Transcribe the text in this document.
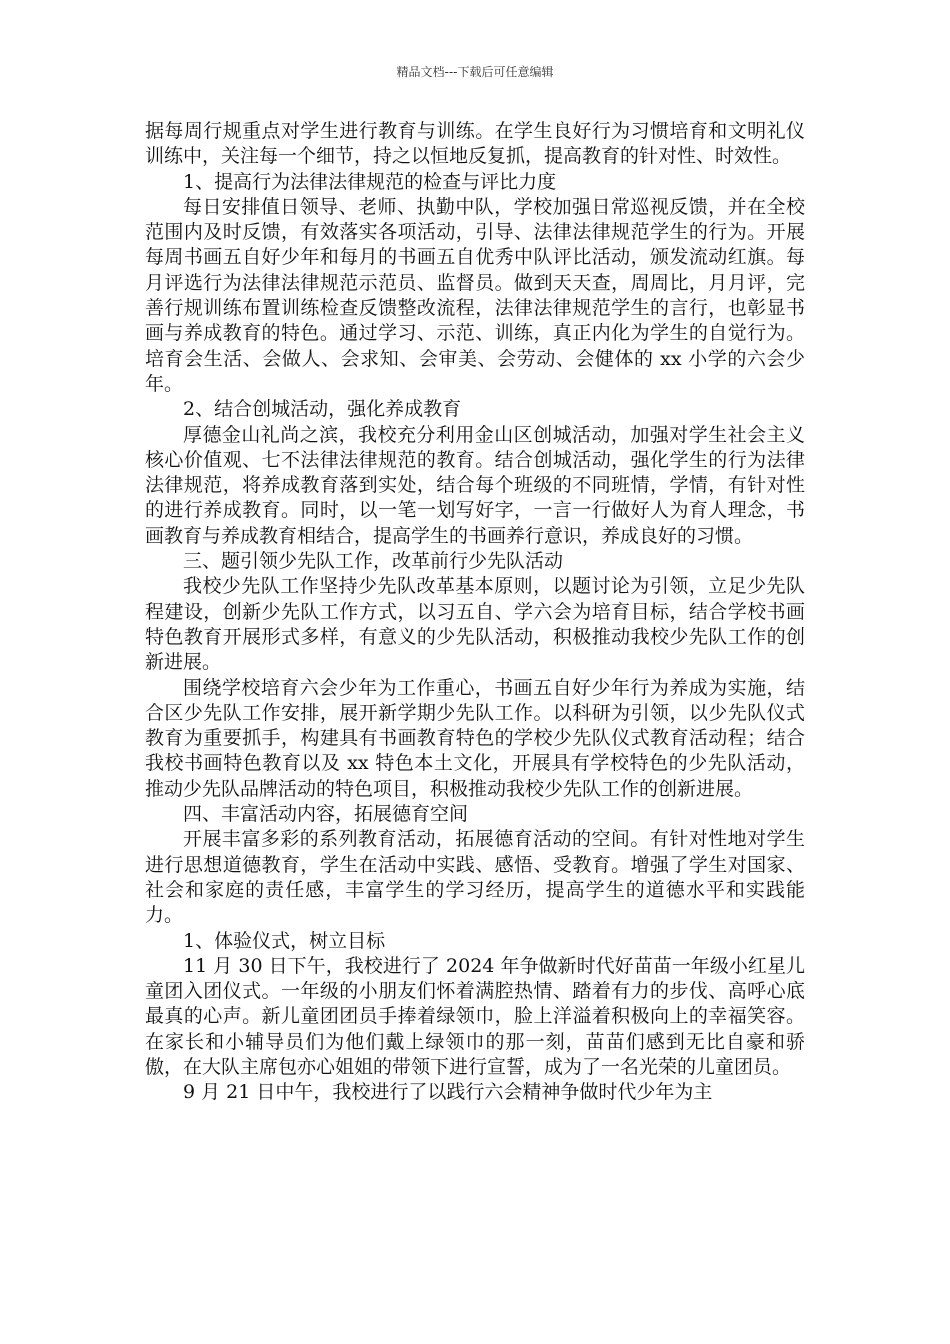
精品文档---下载后可任意编辑

据每周行规重点对学生进行教育与训练。在学生良好行为习惯培育和文明礼仪训练中，关注每一个细节，持之以恒地反复抓，提高教育的针对性、时效性。

1、提高行为法律法律规范的检查与评比力度

每日安排值日领导、老师、执勤中队，学校加强日常巡视反馈，并在全校范围内及时反馈，有效落实各项活动，引导、法律法律规范学生的行为。开展每周书画五自好少年和每月的书画五自优秀中队评比活动，颁发流动红旗。每月评选行为法律法律规范示范员、监督员。做到天天查，周周比，月月评，完善行规训练布置训练检查反馈整改流程，法律法律规范学生的言行，也彰显书画与养成教育的特色。通过学习、示范、训练，真正内化为学生的自觉行为。培育会生活、会做人、会求知、会审美、会劳动、会健体的 xx 小学的六会少年。

2、结合创城活动，强化养成教育

厚德金山礼尚之滨，我校充分利用金山区创城活动，加强对学生社会主义核心价值观、七不法律法律规范的教育。结合创城活动，强化学生的行为法律法律规范，将养成教育落到实处，结合每个班级的不同班情，学情，有针对性的进行养成教育。同时，以一笔一划写好字，一言一行做好人为育人理念，书画教育与养成教育相结合，提高学生的书画养行意识，养成良好的习惯。

三、题引领少先队工作，改革前行少先队活动

我校少先队工作坚持少先队改革基本原则，以题讨论为引领，立足少先队程建设，创新少先队工作方式，以习五自、学六会为培育目标，结合学校书画特色教育开展形式多样，有意义的少先队活动，积极推动我校少先队工作的创新进展。

围绕学校培育六会少年为工作重心，书画五自好少年行为养成为实施，结合区少先队工作安排，展开新学期少先队工作。以科研为引领，以少先队仪式教育为重要抓手，构建具有书画教育特色的学校少先队仪式教育活动程；结合我校书画特色教育以及 xx 特色本土文化，开展具有学校特色的少先队活动，推动少先队品牌活动的特色项目，积极推动我校少先队工作的创新进展。

四、丰富活动内容，拓展德育空间

开展丰富多彩的系列教育活动，拓展德育活动的空间。有针对性地对学生进行思想道德教育，学生在活动中实践、感悟、受教育。增强了学生对国家、社会和家庭的责任感，丰富学生的学习经历，提高学生的道德水平和实践能力。

1、体验仪式，树立目标

11 月 30 日下午，我校进行了 2024 年争做新时代好苗苗一年级小红星儿童团入团仪式。一年级的小朋友们怀着满腔热情、踏着有力的步伐、高呼心底最真的心声。新儿童团团员手捧着绿领巾，脸上洋溢着积极向上的幸福笑容。在家长和小辅导员们为他们戴上绿领巾的那一刻，苗苗们感到无比自豪和骄傲，在大队主席包亦心姐姐的带领下进行宣誓，成为了一名光荣的儿童团员。

9 月 21 日中午，我校进行了以践行六会精神争做时代少年为主
